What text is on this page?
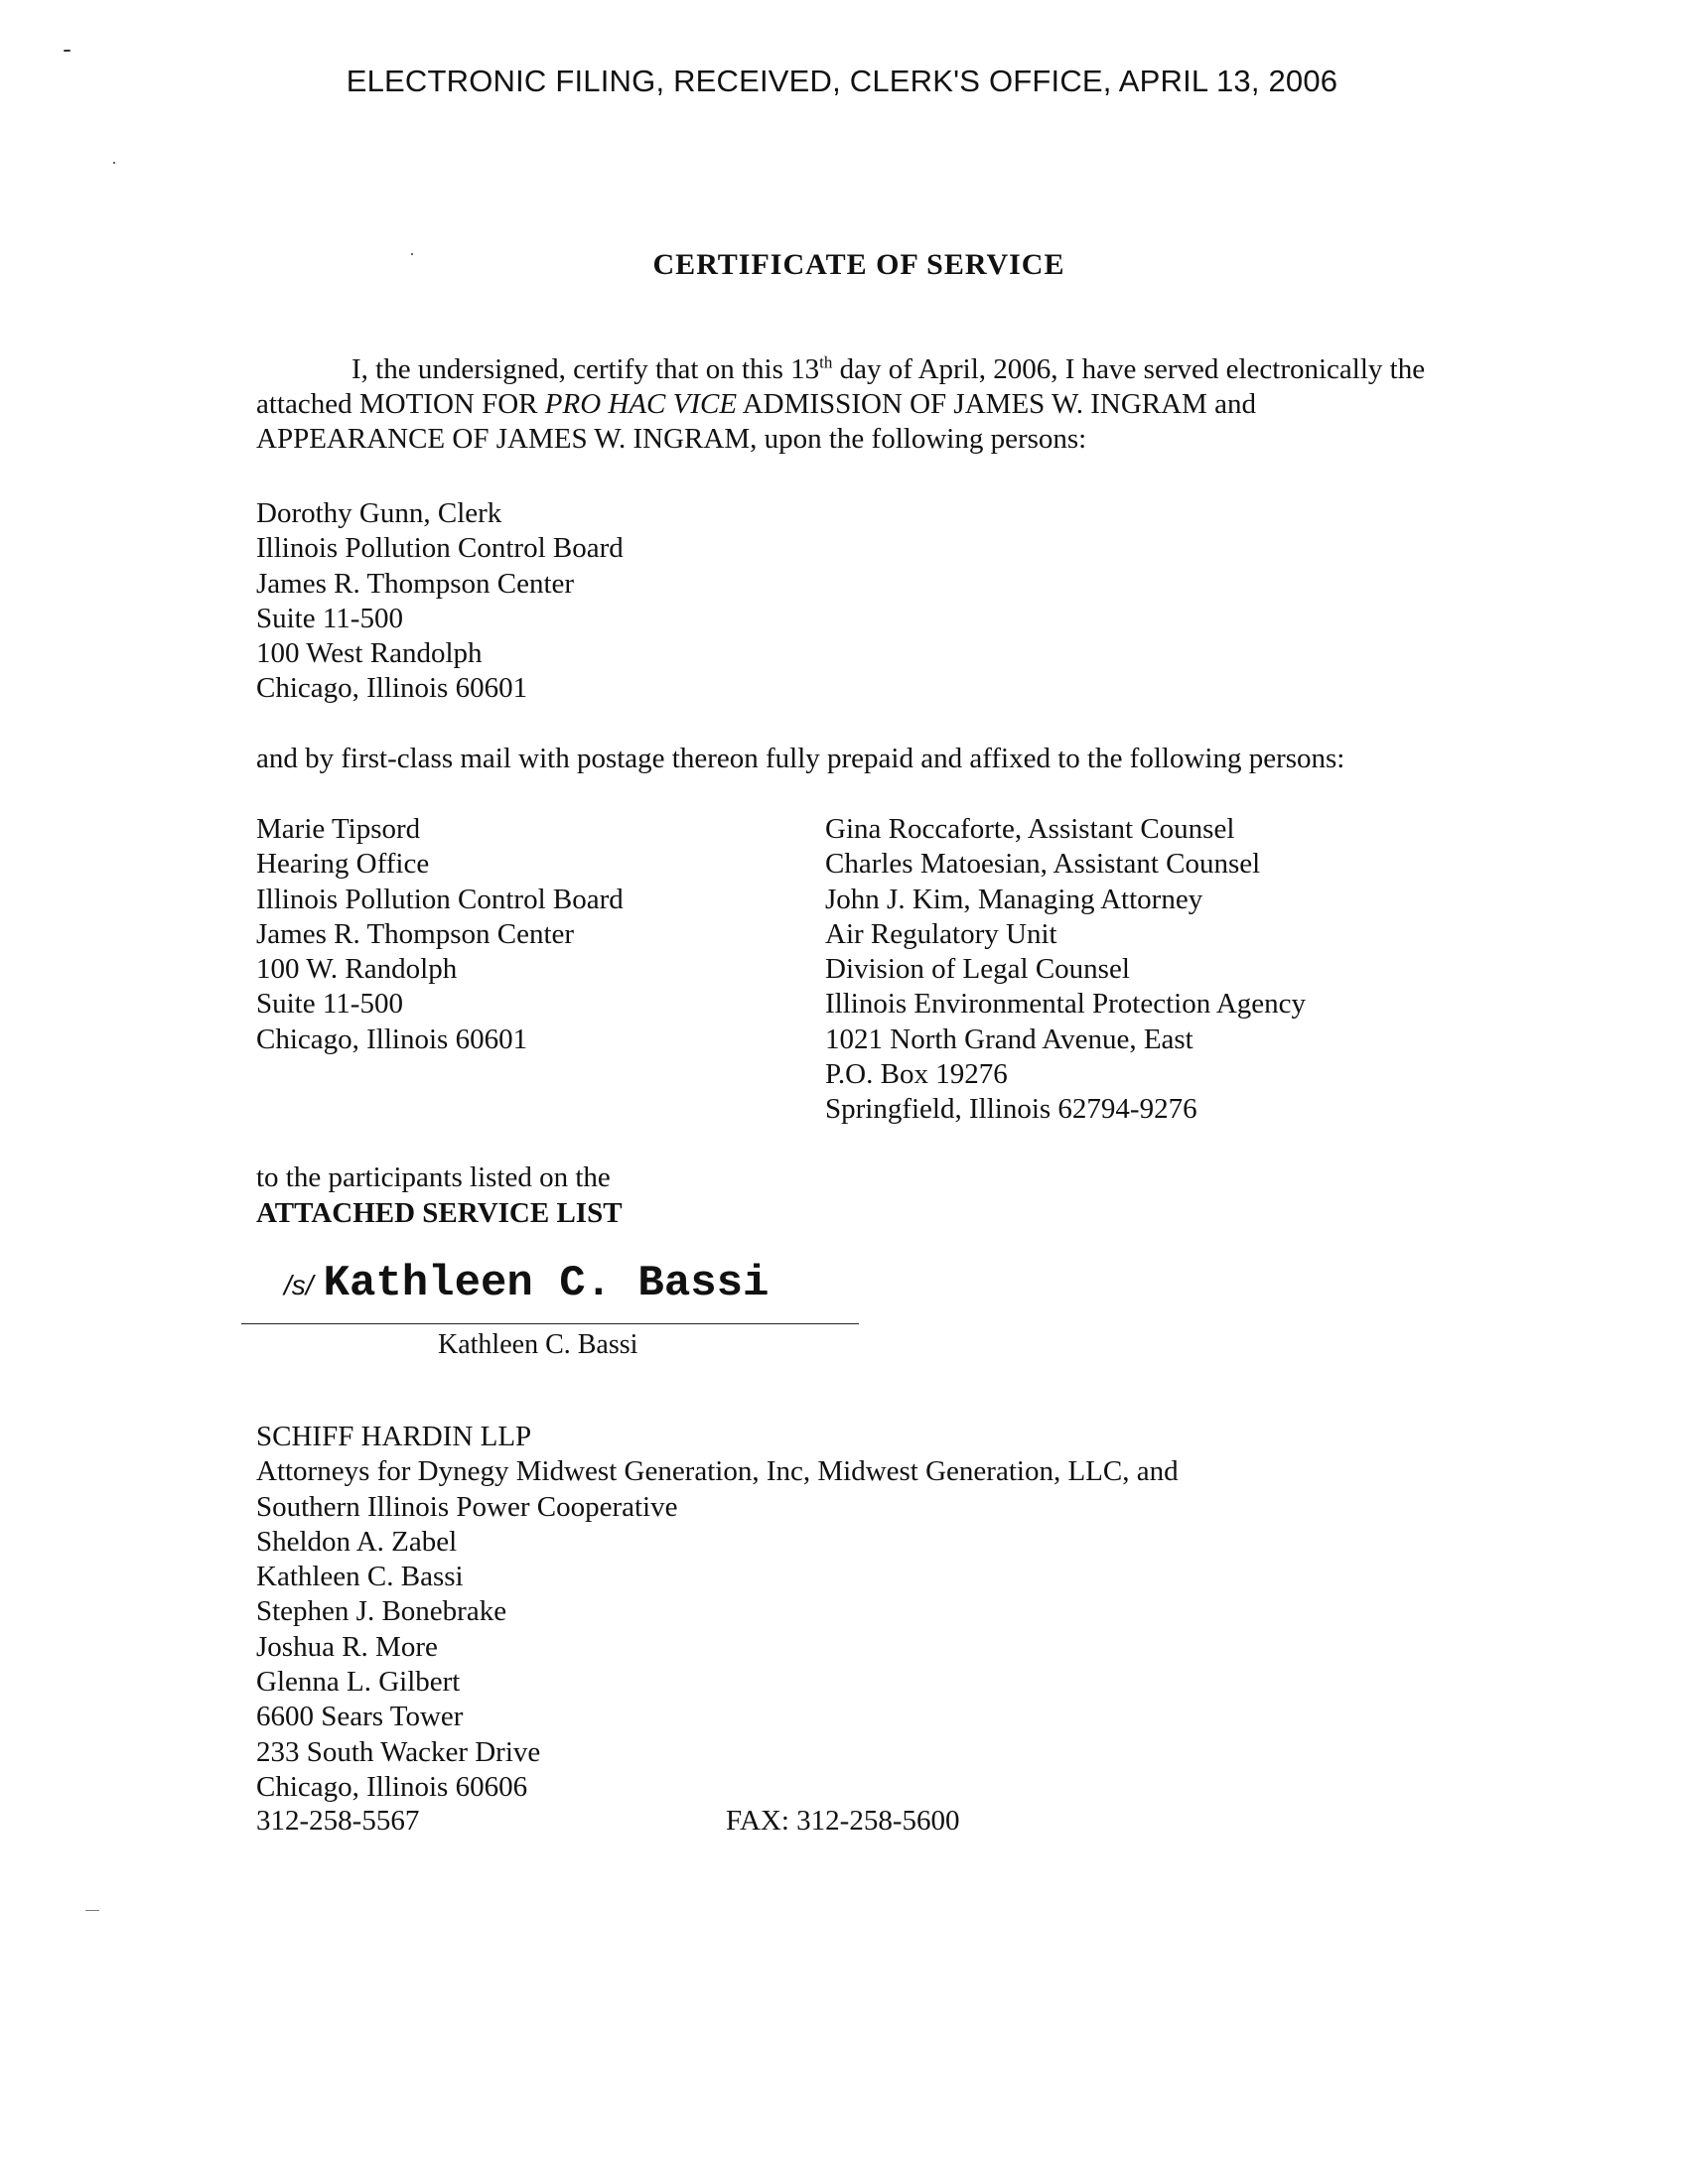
ELECTRONIC FILING, RECEIVED, CLERK'S OFFICE, APRIL 13, 2006
CERTIFICATE OF SERVICE
I, the undersigned, certify that on this 13th day of April, 2006, I have served electronically the attached MOTION FOR PRO HAC VICE ADMISSION OF JAMES W. INGRAM and APPEARANCE OF JAMES W. INGRAM, upon the following persons:
Dorothy Gunn, Clerk
Illinois Pollution Control Board
James R. Thompson Center
Suite 11-500
100 West Randolph
Chicago, Illinois 60601
and by first-class mail with postage thereon fully prepaid and affixed to the following persons:
Marie Tipsord
Hearing Office
Illinois Pollution Control Board
James R. Thompson Center
100 W. Randolph
Suite 11-500
Chicago, Illinois 60601
Gina Roccaforte, Assistant Counsel
Charles Matoesian, Assistant Counsel
John J. Kim, Managing Attorney
Air Regulatory Unit
Division of Legal Counsel
Illinois Environmental Protection Agency
1021 North Grand Avenue, East
P.O. Box 19276
Springfield, Illinois 62794-9276
to the participants listed on the
ATTACHED SERVICE LIST
/s/ Kathleen C. Bassi
Kathleen C. Bassi
SCHIFF HARDIN LLP
Attorneys for Dynegy Midwest Generation, Inc, Midwest Generation, LLC, and
Southern Illinois Power Cooperative
Sheldon A. Zabel
Kathleen C. Bassi
Stephen J. Bonebrake
Joshua R. More
Glenna L. Gilbert
6600 Sears Tower
233 South Wacker Drive
Chicago, Illinois 60606
312-258-5567	FAX: 312-258-5600
